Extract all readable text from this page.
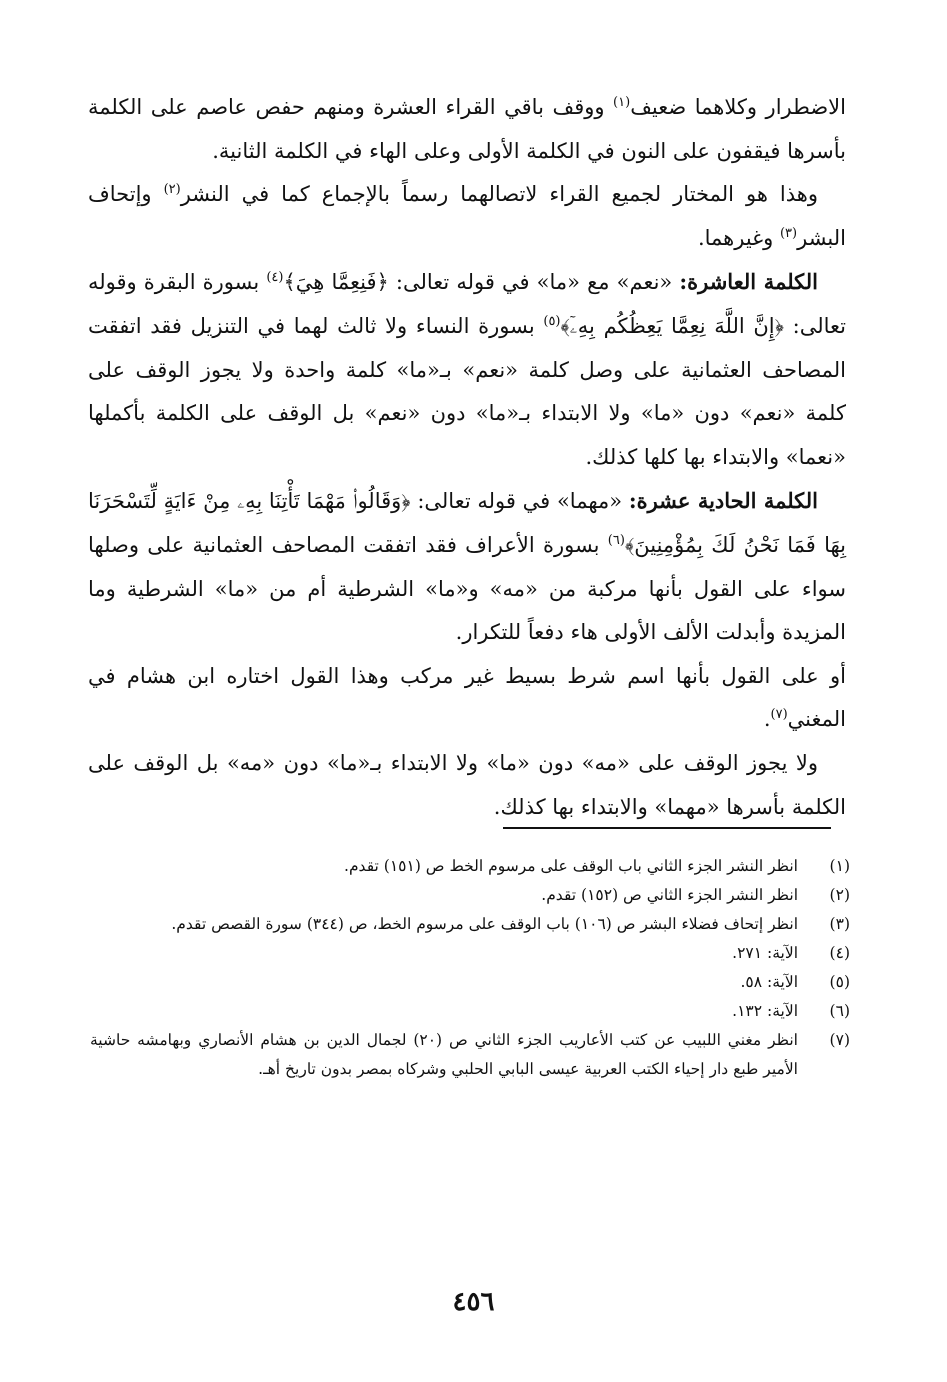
الاضطرار وكلاهما ضعيف$^{(١)}$ ووقف باقي القراء العشرة ومنهم حفص عاصم على الكلمة بأسرها فيقفون على النون في الكلمة الأولى وعلى الهاء في الكلمة الثانية.

وهذا هو المختار لجميع القراء لاتصالهما رسماً بالإجماع كما في النشر$^{(٢)}$ وإتحاف البشر$^{(٣)}$ وغيرهما.

الكلمة العاشرة: «نعم» مع «ما» في قوله تعالى: ﴿فَنِعِمَّا هِيَ﴾$^{(٤)}$ بسورة البقرة وقوله تعالى: ﴿إِنَّ اللَّهَ نِعِمَّا يَعِظُكُم بِهِۦٓ﴾$^{(٥)}$ بسورة النساء ولا ثالث لهما في التنزيل فقد اتفقت المصاحف العثمانية على وصل كلمة «نعم» بـ«ما» كلمة واحدة ولا يجوز الوقف على كلمة «نعم» دون «ما» ولا الابتداء بـ«ما» دون «نعم» بل الوقف على الكلمة بأكملها «نعما» والابتداء بها كلها كذلك.

الكلمة الحادية عشرة: «مهما» في قوله تعالى: ﴿وَقَالُوا۟ مَهْمَا تَأْتِنَا بِهِۦ مِنْ ءَايَةٍ لِّتَسْحَرَنَا بِهَا فَمَا نَحْنُ لَكَ بِمُؤْمِنِينَ﴾$^{(٦)}$ بسورة الأعراف فقد اتفقت المصاحف العثمانية على وصلها سواء على القول بأنها مركبة من «مه» و«ما» الشرطية أم من «ما» الشرطية وما المزيدة وأبدلت الألف الأولى هاء دفعاً للتكرار.

أو على القول بأنها اسم شرط بسيط غير مركب وهذا القول اختاره ابن هشام في المغني$^{(٧)}$.

ولا يجوز الوقف على «مه» دون «ما» ولا الابتداء بـ«ما» دون «مه» بل الوقف على الكلمة بأسرها «مهما» والابتداء بها كذلك.

(١)
انظر النشر الجزء الثاني باب الوقف على مرسوم الخط ص (١٥١) تقدم.
(٢)
انظر النشر الجزء الثاني ص (١٥٢) تقدم.
(٣)
انظر إتحاف فضلاء البشر ص (١٠٦) باب الوقف على مرسوم الخط، ص (٣٤٤) سورة القصص تقدم.
(٤)
الآية: ٢٧١.
(٥)
الآية: ٥٨.
(٦)
الآية: ١٣٢.
(٧)
انظر مغني اللبيب عن كتب الأعاريب الجزء الثاني ص (٢٠) لجمال الدين بن هشام الأنصاري وبهامشه حاشية الأمير طبع دار إحياء الكتب العربية عيسى البابي الحلبي وشركاه بمصر بدون تاريخ أهـ.
٤٥٦
